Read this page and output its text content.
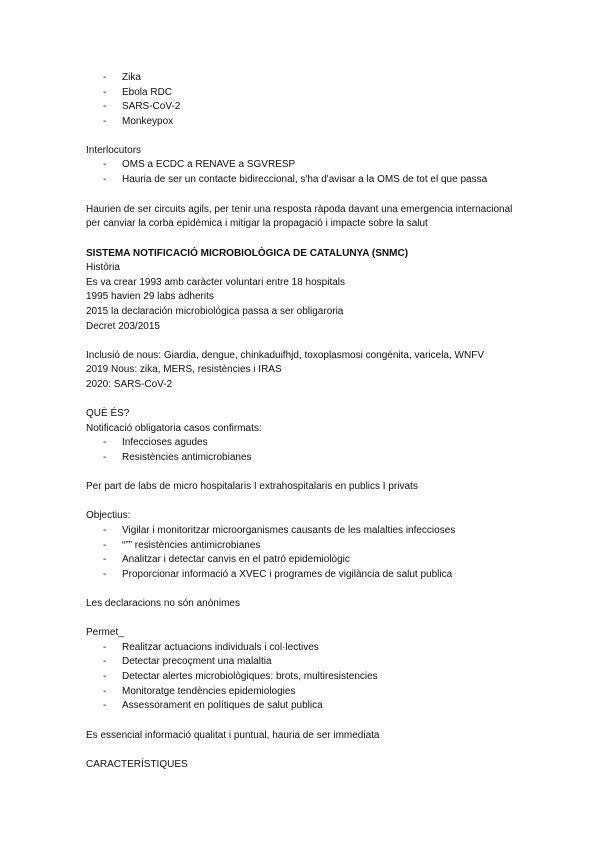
- Zika
- Ebola RDC
- SARS-CoV-2
- Monkeypox
Interlocutors
- OMS a ECDC a RENAVE a SGVRESP
- Hauria de ser un contacte bidireccional, s'ha d'avisar a la OMS de tot el que passa
Haurien de ser circuits agils, per tenir una resposta ràpoda davant una emergencia internacional
per canviar la corba epidèmica i mitigar la propagació i impacte sobre la salut
SISTEMA NOTIFICACIÓ MICROBIOLÒGICA DE CATALUNYA (SNMC)
Història
Es va crear 1993 amb caràcter voluntari entre 18 hospitals
1995 havien 29 labs adherits
2015 la declaración microbiológica passa a ser obligaroria
Decret 203/2015
Inclusió de nous: Giardia, dengue, chinkaduifhjd, toxoplasmosi congénita, varicela, WNFV
2019 Nous: zika, MERS, resistències i IRAS
2020: SARS-CoV-2
QUÈ ÉS?
Notificació obligatoria casos confirmats:
- Infeccioses agudes
- Resistències antimicrobianes
Per part de labs de micro hospitalaris I extrahospitalaris en publics I privats
Objectius:
- Vigilar i monitoritzar microorganismes causants de les malalties infeccioses
- “”” resistències antimicrobianes
- Analitzar i detectar canvis en el patró epidemiològic
- Proporcionar informació a XVEC i programes de vigilància de salut publica
Les declaracions no són anònimes
Permet_
- Realitzar actuacions individuals i col·lectives
- Detectar precoçment una malaltia
- Detectar alertes microbiològiques: brots, multiresistencies
- Monitoratge tendències epidemiologies
- Assessorament en polítiques de salut publica
Es essencial informació qualitat i puntual, hauria de ser immediata
CARACTERÍSTIQUES
